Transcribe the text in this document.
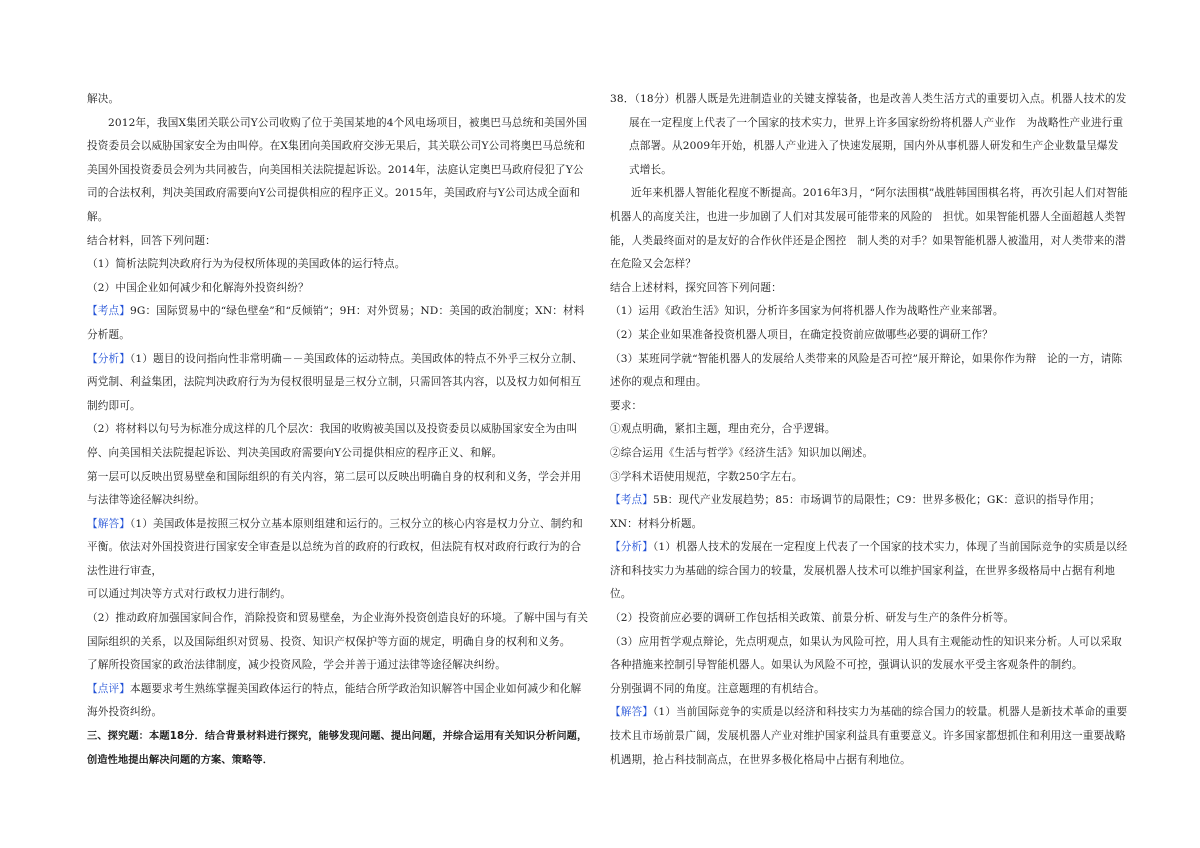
解决。

2012年，我国X集团关联公司Y公司收购了位于美国某地的4个风电场项目，被奥巴马总统和美国外国投资委员会以威胁国家安全为由叫停。在X集团向美国政府交涉无果后，其关联公司Y公司将奥巴马总统和美国外国投资委员会列为共同被告，向美国相关法院提起诉讼。2014年，法庭认定奥巴马政府侵犯了Y公司的合法权利，判决美国政府需要向Y公司提供相应的程序正义。2015年，美国政府与Y公司达成全面和解。

结合材料，回答下列问题：

（1）简析法院判决政府行为为侵权所体现的美国政体的运行特点。

（2）中国企业如何减少和化解海外投资纠纷？

【考点】9G：国际贸易中的“绿色壁垒”和“反倾销”；9H：对外贸易；ND：美国的政治制度；XN：材料分析题。

【分析】（1）题目的设问指向性非常明确－－美国政体的运动特点。美国政体的特点不外乎三权分立制、两党制、利益集团，法院判决政府行为为侵权很明显是三权分立制，只需回答其内容，以及权力如何相互制约即可。

（2）将材料以句号为标准分成这样的几个层次：我国的收购被美国以及投资委员以威胁国家安全为由叫停、向美国相关法院提起诉讼、判决美国政府需要向Y公司提供相应的程序正义、和解。

第一层可以反映出贸易壁垒和国际组织的有关内容，第二层可以反映出明确自身的权利和义务，学会并用与法律等途径解决纠纷。

【解答】（1）美国政体是按照三权分立基本原则组建和运行的。三权分立的核心内容是权力分立、制约和平衡。依法对外国投资进行国家安全审查是以总统为首的政府的行政权，但法院有权对政府行政行为的合法性进行审查，

可以通过判决等方式对行政权力进行制约。

（2）推动政府加强国家间合作，消除投资和贸易壁垒，为企业海外投资创造良好的环境。了解中国与有关国际组织的关系，以及国际组织对贸易、投资、知识产权保护等方面的规定，明确自身的权利和义务。

了解所投资国家的政治法律制度，减少投资风险，学会并善于通过法律等途径解决纠纷。

【点评】本题要求考生熟练掌握美国政体运行的特点，能结合所学政治知识解答中国企业如何减少和化解海外投资纠纷。

三、探究题：本题18分．结合背景材料进行探究，能够发现问题、提出问题，并综合运用有关知识分析问题，创造性地提出解决问题的方案、策略等．

38．（18分）机器人既是先进制造业的关键支撑装备，也是改善人类生活方式的重要切入点。机器人技术的发展在一定程度上代表了一个国家的技术实力，世界上许多国家纷纷将机器人产业作　为战略性产业进行重点部署。从2009年开始，机器人产业进入了快速发展期，国内外从事机器人研发和生产企业数量呈爆发式增长。

近年来机器人智能化程度不断提高。2016年3月，“阿尔法围棋”战胜韩国围棋名将，再次引起人们对智能机器人的高度关注，也进一步加剧了人们对其发展可能带来的风险的　担忧。如果智能机器人全面超越人类智能，人类最终面对的是友好的合作伙伴还是企图控　制人类的对手？如果智能机器人被滥用，对人类带来的潜在危险又会怎样？

结合上述材料，探究回答下列问题：

（1）运用《政治生活》知识，分析许多国家为何将机器人作为战略性产业来部署。

（2）某企业如果准备投资机器人项目，在确定投资前应做哪些必要的调研工作？

（3）某班同学就“智能机器人的发展给人类带来的风险是否可控”展开辩论，如果你作为辩　论的一方，请陈述你的观点和理由。

要求：

①观点明确，紧扣主题，理由充分，合乎逻辑。

②综合运用《生活与哲学》《经济生活》知识加以阐述。

③学科术语使用规范，字数250字左右。

【考点】5B：现代产业发展趋势；85：市场调节的局限性；C9：世界多极化；GK：意识的指导作用；XN：材料分析题。

【分析】（1）机器人技术的发展在一定程度上代表了一个国家的技术实力，体现了当前国际竞争的实质是以经济和科技实力为基础的综合国力的较量，发展机器人技术可以维护国家利益，在世界多级格局中占据有利地位。

（2）投资前应必要的调研工作包括相关政策、前景分析、研发与生产的条件分析等。

（3）应用哲学观点辩论，先点明观点，如果认为风险可控，用人具有主观能动性的知识来分析。人可以采取各种措施来控制引导智能机器人。如果认为风险不可控，强调认识的发展水平受主客观条件的制约。

分别强调不同的角度。注意题理的有机结合。

【解答】（1）当前国际竞争的实质是以经济和科技实力为基础的综合国力的较量。机器人是新技术革命的重要技术且市场前景广阔，发展机器人产业对维护国家利益具有重要意义。许多国家都想抓住和利用这一重要战略机遇期，抢占科技制高点，在世界多极化格局中占据有利地位。
